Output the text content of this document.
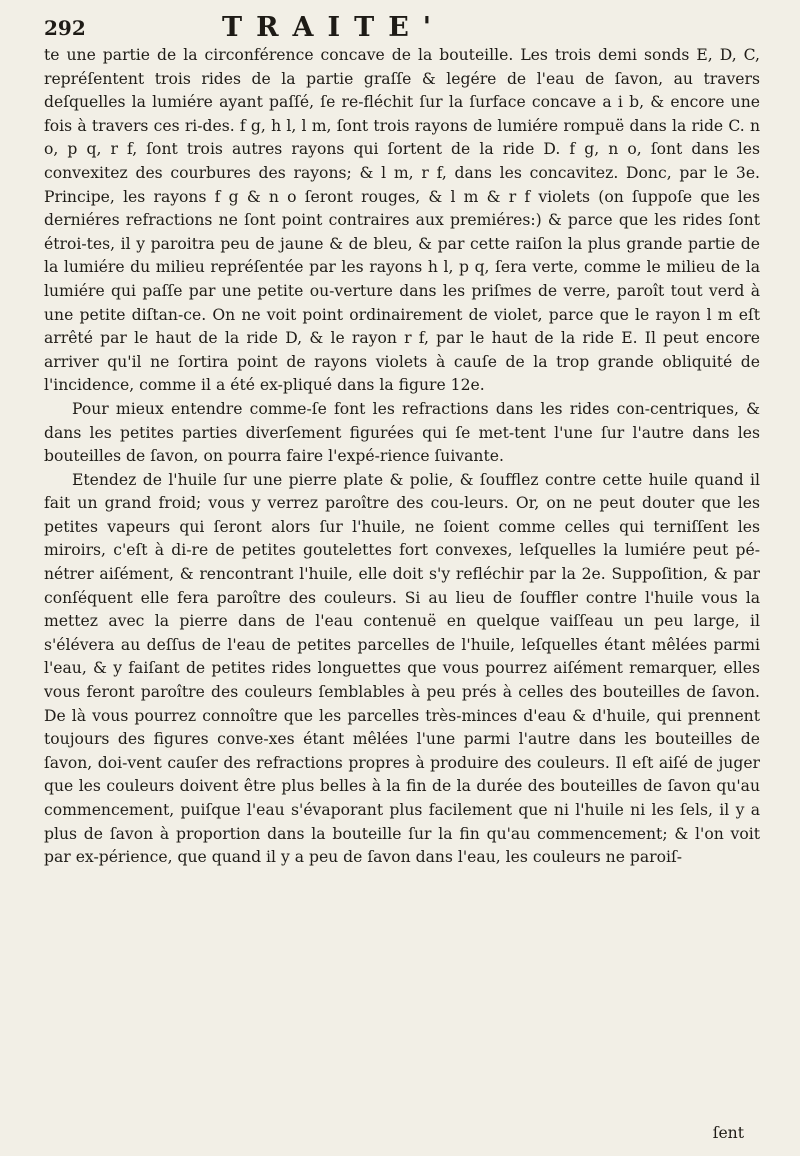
292	TRAITE'

te une partie de la circonférence concave de la bouteille. Les trois demi sonds E, D, C, repréſentent trois rides de la partie graſſe & legére de l'eau de ſavon, au travers deſquelles la lumiére ayant paſſé, ſe re-fléchit ſur la ſurface concave a i b, & encore une fois à travers ces ri-des. f g, h l, l m, ſont trois rayons de lumiére rompuë dans la ride C. n o, p q, r f, ſont trois autres rayons qui ſortent de la ride D. f g, n o, ſont dans les convexitez des courbures des rayons; & l m, r f, dans les concavitez. Donc, par le 3e. Principe, les rayons f g & n o ſeront rouges, & l m & r f violets (on ſuppoſe que les derniéres refractions ne ſont point contraires aux premiéres:) & parce que les rides ſont étroi-tes, il y paroitra peu de jaune & de bleu, & par cette raiſon la plus grande partie de la lumiére du milieu repréſentée par les rayons h l, p q, ſera verte, comme le milieu de la lumiére qui paſſe par une petite ou-verture dans les priſmes de verre, paroît tout verd à une petite diſtan-ce. On ne voit point ordinairement de violet, parce que le rayon l m eſt arrêté par le haut de la ride D, & le rayon r f, par le haut de la ride E. Il peut encore arriver qu'il ne ſortira point de rayons violets à cauſe de la trop grande obliquité de l'incidence, comme il a été ex-pliqué dans la figure 12e.

Pour mieux entendre comme-ſe font les refractions dans les rides con-centriques, & dans les petites parties diverſement figurées qui ſe met-tent l'une ſur l'autre dans les bouteilles de ſavon, on pourra faire l'expé-rience ſuivante.

Etendez de l'huile ſur une pierre plate & polie, & ſoufflez contre cette huile quand il fait un grand froid; vous y verrez paroître des cou-leurs. Or, on ne peut douter que les petites vapeurs qui ſeront alors ſur l'huile, ne ſoient comme celles qui terniſſent les miroirs, c'eſt à di-re de petites goutelettes fort convexes, leſquelles la lumiére peut pé-nétrer aiſément, & rencontrant l'huile, elle doit s'y refléchir par la 2e. Suppoſition, & par conſéquent elle fera paroître des couleurs. Si au lieu de ſouffler contre l'huile vous la mettez avec la pierre dans de l'eau contenuë en quelque vaiſſeau un peu large, il s'élévera au deſſus de l'eau de petites parcelles de l'huile, leſquelles étant mêlées parmi l'eau, & y faiſant de petites rides longuettes que vous pourrez aiſément remarquer, elles vous feront paroître des couleurs ſemblables à peu prés à celles des bouteilles de ſavon. De là vous pourrez connoître que les parcelles très-minces d'eau & d'huile, qui prennent toujours des figures conve-xes étant mêlées l'une parmi l'autre dans les bouteilles de ſavon, doi-vent cauſer des refractions propres à produire des couleurs. Il eſt aiſé de juger que les couleurs doivent être plus belles à la fin de la durée des bouteilles de ſavon qu'au commencement, puiſque l'eau s'évaporant plus facilement que ni l'huile ni les ſels, il y a plus de ſavon à proportion dans la bouteille ſur la fin qu'au commencement; & l'on voit par ex-périence, que quand il y a peu de ſavon dans l'eau, les couleurs ne paroiſ-

ſent
